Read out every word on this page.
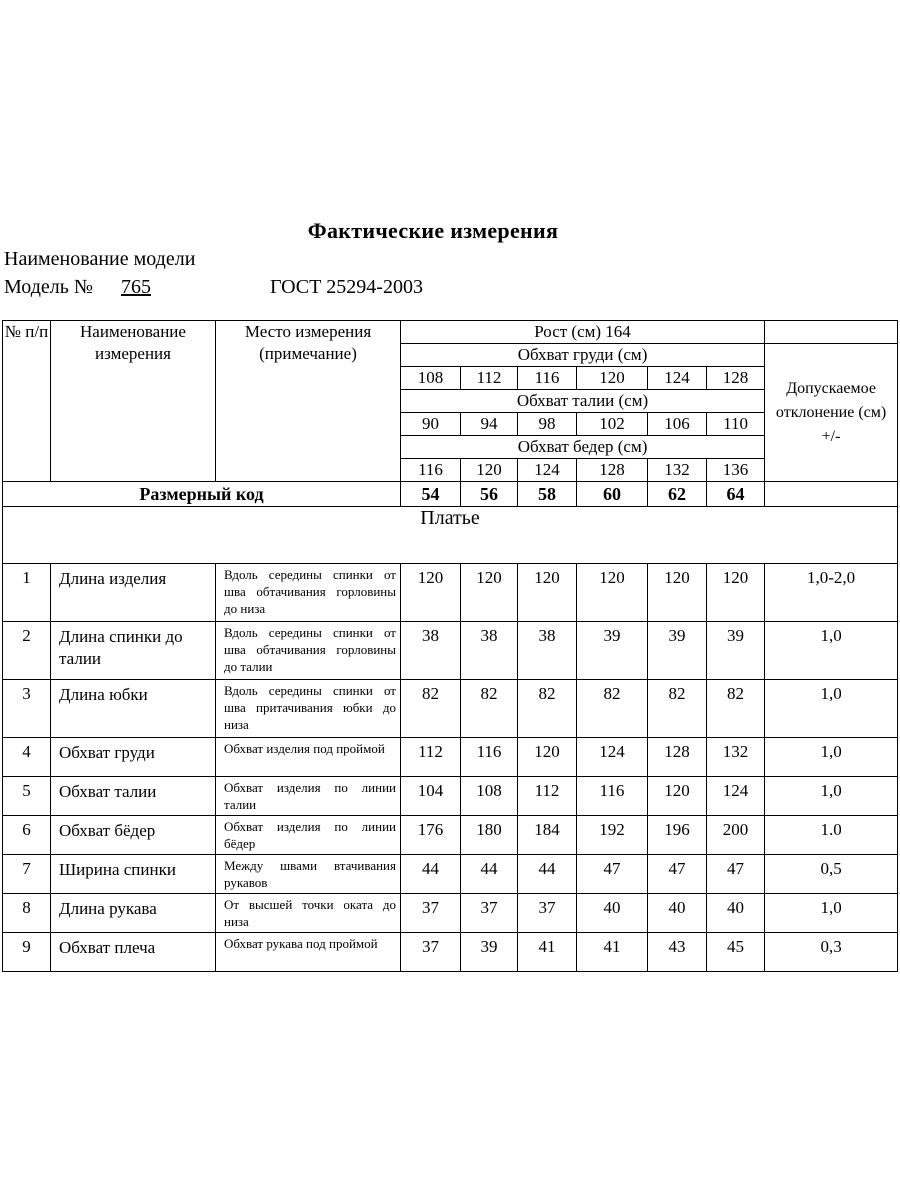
Фактические измерения
Наименование модели
Модель № 765	ГОСТ 25294-2003
№ п/п	Наименование измерения	Место измерения (примечание)	Рост (см) 164						
			Обхват груди (см)						Допускаемое отклонение (см) +/-
			108	112	116	120	124	128	
			Обхват талии (см)						
			90	94	98	102	106	110	
			Обхват бедер (см)						
			116	120	124	128	132	136	
Размерный код			54	56	58	60	62	64	
Платье									
1	Длина изделия	Вдоль середины спинки от шва обтачивания горловины до низа	120	120	120	120	120	120	1,0-2,0
2	Длина спинки до талии	Вдоль середины спинки от шва обтачивания горловины до талии	38	38	38	39	39	39	1,0
3	Длина юбки	Вдоль середины спинки от шва притачивания юбки до низа	82	82	82	82	82	82	1,0
4	Обхват груди	Обхват изделия под проймой	112	116	120	124	128	132	1,0
5	Обхват талии	Обхват изделия по линии талии	104	108	112	116	120	124	1,0
6	Обхват бёдер	Обхват изделия по линии бёдер	176	180	184	192	196	200	1.0
7	Ширина спинки	Между швами втачивания рукавов	44	44	44	47	47	47	0,5
8	Длина рукава	От высшей точки оката до низа	37	37	37	40	40	40	1,0
9	Обхват плеча	Обхват рукава под проймой	37	39	41	41	43	45	0,3
